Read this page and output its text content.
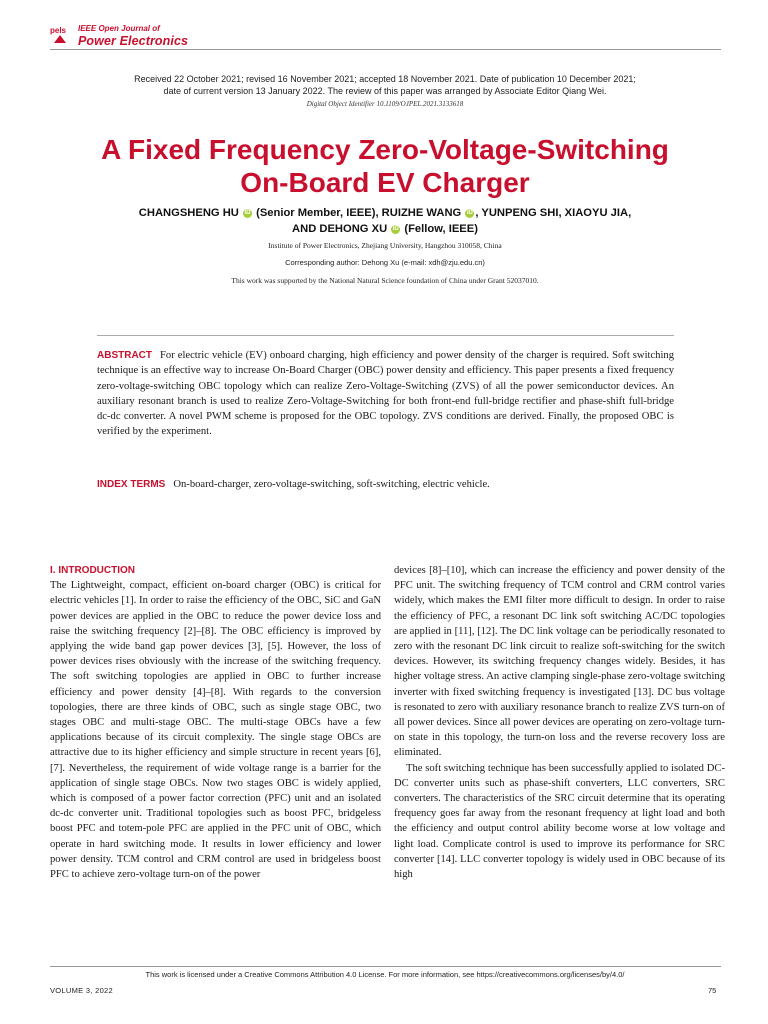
pels IEEE Open Journal of
Power Electronics
Received 22 October 2021; revised 16 November 2021; accepted 18 November 2021. Date of publication 10 December 2021;
date of current version 13 January 2022. The review of this paper was arranged by Associate Editor Qiang Wei.
Digital Object Identifier 10.1109/OJPEL.2021.3133618
A Fixed Frequency Zero-Voltage-Switching
On-Board EV Charger
CHANGSHENG HU iD (Senior Member, IEEE), RUIZHE WANG iD , YUNPENG SHI, XIAOYU JIA,
AND DEHONG XU iD (Fellow, IEEE)
Institute of Power Electronics, Zhejiang University, Hangzhou 310058, China
Corresponding author: Dehong Xu (e-mail: xdh@zju.edu.cn)
This work was supported by the National Natural Science foundation of China under Grant 52037010.
ABSTRACT For electric vehicle (EV) onboard charging, high efficiency and power density of the charger is required. Soft switching technique is an effective way to increase On-Board Charger (OBC) power density and efficiency. This paper presents a fixed frequency zero-voltage-switching OBC topology which can realize Zero-Voltage-Switching (ZVS) of all the power semiconductor devices. An auxiliary resonant branch is used to realize Zero-Voltage-Switching for both front-end full-bridge rectifier and phase-shift full-bridge dc-dc converter. A novel PWM scheme is proposed for the OBC topology. ZVS conditions are derived. Finally, the proposed OBC is verified by the experiment.
INDEX TERMS On-board-charger, zero-voltage-switching, soft-switching, electric vehicle.
I. INTRODUCTION

The Lightweight, compact, efficient on-board charger (OBC) is critical for electric vehicles [1]. In order to raise the efficiency of the OBC, SiC and GaN power devices are applied in the OBC to reduce the power device loss and raise the switching frequency [2]–[8]. The OBC efficiency is improved by applying the wide band gap power devices [3], [5]. However, the loss of power devices rises obviously with the increase of the switching frequency. The soft switching topologies are applied in OBC to further increase efficiency and power density [4]–[8]. With regards to the conversion topologies, there are three kinds of OBC, such as single stage OBC, two stages OBC and multi-stage OBC. The multi-stage OBCs have a few applications because of its circuit complexity. The single stage OBCs are attractive due to its higher efficiency and simple structure in recent years [6], [7]. Nevertheless, the requirement of wide voltage range is a barrier for the application of single stage OBCs. Now two stages OBC is widely applied, which is composed of a power factor correction (PFC) unit and an isolated dc-dc converter unit. Traditional topologies such as boost PFC, bridgeless boost PFC and totem-pole PFC are applied in the PFC unit of OBC, which operate in hard switching mode. It results in lower efficiency and lower power density. TCM control and CRM control are used in bridgeless boost PFC to achieve zero-voltage turn-on of the power

devices [8]–[10], which can increase the efficiency and power density of the PFC unit. The switching frequency of TCM control and CRM control varies widely, which makes the EMI filter more difficult to design. In order to raise the efficiency of PFC, a resonant DC link soft switching AC/DC topologies are applied in [11], [12]. The DC link voltage can be periodically resonated to zero with the resonant DC link circuit to realize soft-switching for the switch devices. However, its switching frequency changes widely. Besides, it has higher voltage stress. An active clamping single-phase zero-voltage switching inverter with fixed switching frequency is investigated [13]. DC bus voltage is resonated to zero with auxiliary resonance branch to realize ZVS turn-on of all power devices. Since all power devices are operating on zero-voltage turn-on state in this topology, the turn-on loss and the reverse recovery loss are eliminated.

The soft switching technique has been successfully applied to isolated DC-DC converter units such as phase-shift converters, LLC converters, SRC converters. The characteristics of the SRC circuit determine that its operating frequency goes far away from the resonant frequency at light load and both the efficiency and output control ability become worse at low voltage and light load. Complicate control is used to improve its performance for SRC converter [14]. LLC converter topology is widely used in OBC because of its high

This work is licensed under a Creative Commons Attribution 4.0 License. For more information, see https://creativecommons.org/licenses/by/4.0/
VOLUME 3, 2022	75
